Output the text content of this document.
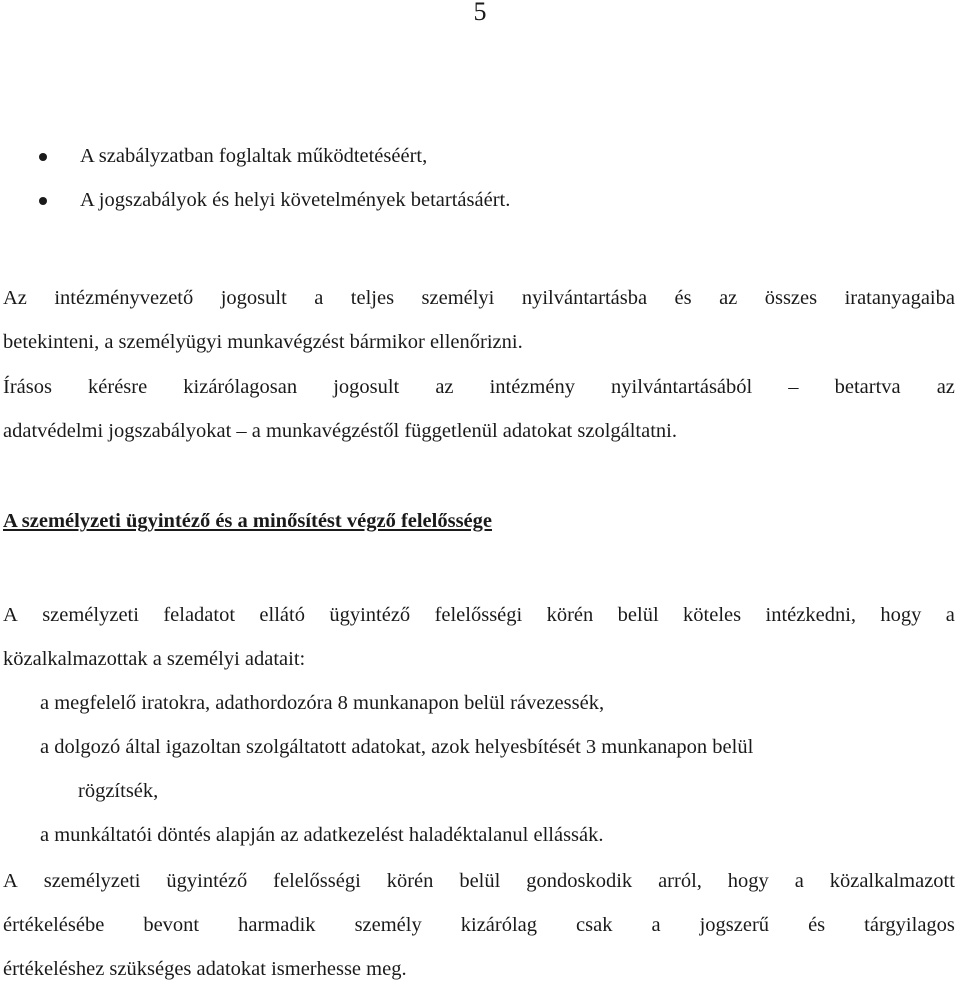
5
A szabályzatban foglaltak működtetéséért,
A jogszabályok és helyi követelmények betartásáért.
Az intézményvezető jogosult a teljes személyi nyilvántartásba és az összes iratanyagaiba
betekinteni, a személyügyi munkavégzést bármikor ellenőrizni.
Írásos kérésre kizárólagosan jogosult az intézmény nyilvántartásából – betartva az
adatvédelmi jogszabályokat – a munkavégzéstől függetlenül adatokat szolgáltatni.
A személyzeti ügyintéző és a minősítést végző felelőssége
A személyzeti feladatot ellátó ügyintéző felelősségi körén belül köteles intézkedni, hogy a
közalkalmazottak a személyi adatait:
a megfelelő iratokra, adathordozóra 8 munkanapon belül rávezessék,
a dolgozó által igazoltan szolgáltatott adatokat, azok helyesbítését 3 munkanapon belül
rögzítsék,
a munkáltatói döntés alapján az adatkezelést haladéktalanul ellássák.
A személyzeti ügyintéző felelősségi körén belül gondoskodik arról, hogy a közalkalmazott
értékelésébe bevont harmadik személy kizárólag csak a jogszerű és tárgyilagos
értékeléshez szükséges adatokat ismerhesse meg.
